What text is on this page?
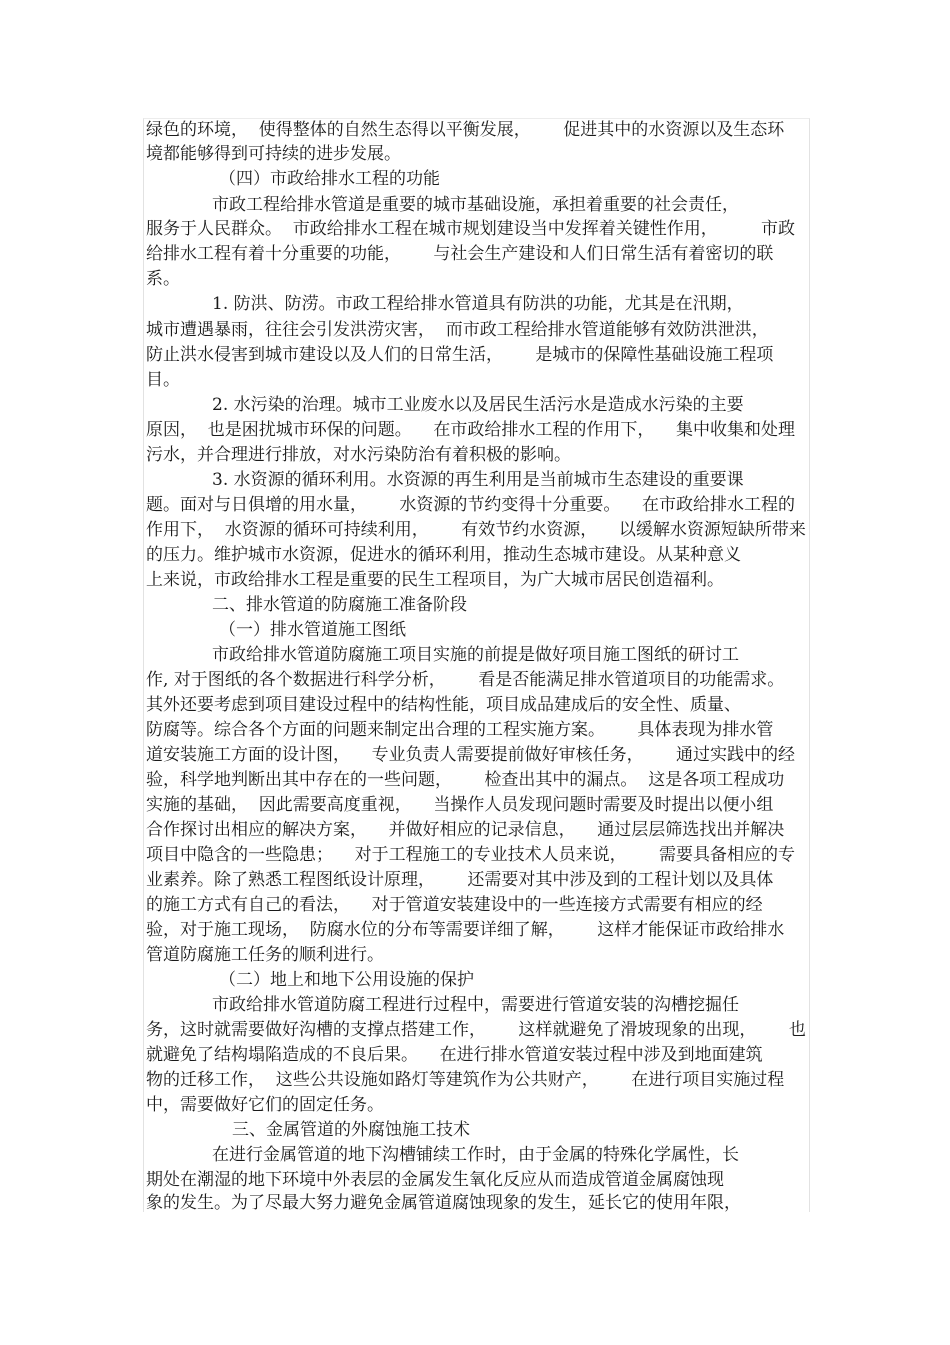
绿色的环境，  使得整体的自然生态得以平衡发展，      促进其中的水资源以及生态环

境都能够得到可持续的进步发展。

（四）市政给排水工程的功能

市政工程给排水管道是重要的城市基础设施，承担着重要的社会责任，

服务于人民群众。  市政给排水工程在城市规划建设当中发挥着关键性作用，        市政

给排水工程有着十分重要的功能，      与社会生产建设和人们日常生活有着密切的联

系。

1. 防洪、防涝。市政工程给排水管道具有防洪的功能，尤其是在汛期，

城市遭遇暴雨，往往会引发洪涝灾害，  而市政工程给排水管道能够有效防洪泄洪，

防止洪水侵害到城市建设以及人们的日常生活，      是城市的保障性基础设施工程项

目。

2. 水污染的治理。城市工业废水以及居民生活污水是造成水污染的主要

原因，  也是困扰城市环保的问题。    在市政给排水工程的作用下，    集中收集和处理

污水，并合理进行排放，对水污染防治有着积极的影响。

3. 水资源的循环利用。水资源的再生利用是当前城市生态建设的重要课

题。面对与日俱增的用水量，      水资源的节约变得十分重要。    在市政给排水工程的

作用下，  水资源的循环可持续利用，      有效节约水资源，    以缓解水资源短缺所带来

的压力。维护城市水资源，促进水的循环利用，推动生态城市建设。从某种意义

上来说，市政给排水工程是重要的民生工程项目，为广大城市居民创造福利。

二、排水管道的防腐施工准备阶段

（一）排水管道施工图纸

市政给排水管道防腐施工项目实施的前提是做好项目施工图纸的研讨工

作, 对于图纸的各个数据进行科学分析，      看是否能满足排水管道项目的功能需求。

其外还要考虑到项目建设过程中的结构性能，项目成品建成后的安全性、质量、

防腐等。综合各个方面的问题来制定出合理的工程实施方案。      具体表现为排水管

道安装施工方面的设计图，    专业负责人需要提前做好审核任务，      通过实践中的经

验，科学地判断出其中存在的一些问题，      检查出其中的漏点。  这是各项工程成功

实施的基础，  因此需要高度重视，    当操作人员发现问题时需要及时提出以便小组

合作探讨出相应的解决方案，    并做好相应的记录信息，    通过层层筛选找出并解决

项目中隐含的一些隐患；    对于工程施工的专业技术人员来说，      需要具备相应的专

业素养。除了熟悉工程图纸设计原理，      还需要对其中涉及到的工程计划以及具体

的施工方式有自己的看法，    对于管道安装建设中的一些连接方式需要有相应的经

验，对于施工现场，  防腐水位的分布等需要详细了解，      这样才能保证市政给排水

管道防腐施工任务的顺利进行。

（二）地上和地下公用设施的保护

市政给排水管道防腐工程进行过程中，需要进行管道安装的沟槽挖掘任

务，这时就需要做好沟槽的支撑点搭建工作，      这样就避免了滑坡现象的出现，      也

就避免了结构塌陷造成的不良后果。    在进行排水管道安装过程中涉及到地面建筑

物的迁移工作，  这些公共设施如路灯等建筑作为公共财产，      在进行项目实施过程

中，需要做好它们的固定任务。

三、金属管道的外腐蚀施工技术

在进行金属管道的地下沟槽铺续工作时，由于金属的特殊化学属性，长

期处在潮湿的地下环境中外表层的金属发生氧化反应从而造成管道金属腐蚀现

象的发生。为了尽最大努力避免金属管道腐蚀现象的发生，延长它的使用年限，
